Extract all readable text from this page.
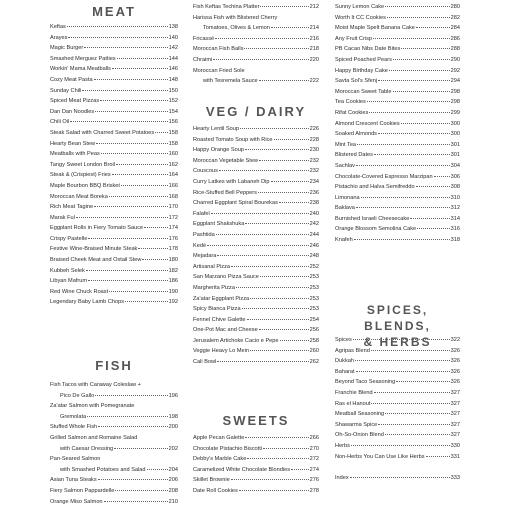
MEAT
Keftas	138
Arayes	140
Magic Burger	142
Smashed Merguez Patties	144
Workin' Mama Meatballs	146
Cozy Meat Pasta	148
Sunday Chili	150
Spiced Meat Pizzas	152
Dan Dan Noodles	154
Chili Oil	156
Steak Salad with Charred Sweet Potatoes	158
Hearty Bean Stew	158
Meatballs with Peas	160
Tangy Sweet London Broil	162
Steak & (Crispiest) Fries	164
Maple Bourbon BBQ Brisket	166
Moroccan Meat Boreka	168
Rich Meat Tagine	170
Marak Ful	172
Eggplant Rolls in Fiery Tomato Sauce	174
Crispy Pastelle	176
Festive Wine-Braised Minute Steak	178
Braised Cheek Meat and Oxtail Stew	180
Kubbeh Selek	182
Libyan Mafrum	186
Red Wine Chuck Roast	190
Legendary Baby Lamb Chops	192
FISH
Fish Tacos with Caraway Coleslaw +
Pico De Gallo	196
Za'atar Salmon with Pomegranate
Gremolata	198
Stuffed Whole Fish	200
Grilled Salmon and Romaine Salad
with Caesar Dressing	202
Pan-Seared Salmon
with Smashed Potatoes and Salad	204
Asian Tuna Steaks	206
Fiery Salmon Pappardelle	208
Orange Miso Salmon	210
Fish Keftas Techina Platter	212
Harissa Fish with Blistered Cherry
Tomatoes, Olives & Lemon	214
Fricassé	216
Moroccan Fish Balls	218
Chraimi	220
Moroccan Fried Sole
with Tesremela Sauce	222
VEG / DAIRY
Hearty Lentil Soup	226
Roasted Tomato Soup with Rice	228
Happy Orange Soup	230
Moroccan Vegetable Stew	232
Couscous	232
Curry Latkes with Labaneh Dip	234
Rice-Stuffed Bell Peppers	236
Charred Eggplant Spiral Bourekas	238
Falafel	240
Eggplant Shakshuka	242
Pashtida	244
Kedé	246
Mejadara	248
Artisanal Pizza	252
San Marzano Pizza Sauce	253
Margherita Pizza	253
Za'atar Eggplant Pizza	253
Spicy Bianca Pizza	253
Fennel Chive Galette	254
One-Pot Mac and Cheese	256
Jerusalem Artichoke Cacio e Pepe	258
Veggie Heavy Lo Mein	260
Cali Bowl	262
SWEETS
Apple Pecan Galette	266
Chocolate Pistachio Biscotti	270
Debby's Marble Cake	272
Caramelized White Chocolate Blondies	274
Skillet Brownie	276
Date Roll Cookies	278
Sunny Lemon Cake	280
Worth It CC Cookies	282
Moist Maple Spelt Banana Cake	284
Any Fruit Crisp	286
PB Cacao Nibs Date Bites	288
Spiced Poached Pears	290
Happy Birthday Cake	292
Savta Sol's Sfenj	294
Moroccan Sweet Table	298
Tea Cookies	298
Rifat Cookies	299
Almond Crescent Cookies	300
Soaked Almonds	300
Mint Tea	301
Blistered Dates	301
Sachlav	304
Chocolate-Covered Espresso Marzipan	306
Pistachio and Halva Semifreddo	308
Limonana	310
Baklava	312
Burnished Israeli Cheesecake	314
Orange Blossom Semolina Cake	316
Knafeh	318
SPICES, BLENDS,
& HERBS
Spices	322
Agripas Blend	326
Dukkah	326
Baharat	326
Beyond Taco Seasoning	326
Franchie Blend	327
Ras el Hanout	327
Meatball Seasoning	327
Shawarma Spice	327
Oh-So-Onion Blend	327
Herbs	330
Non-Herbs You Can Use Like Herbs	331
Index	333
